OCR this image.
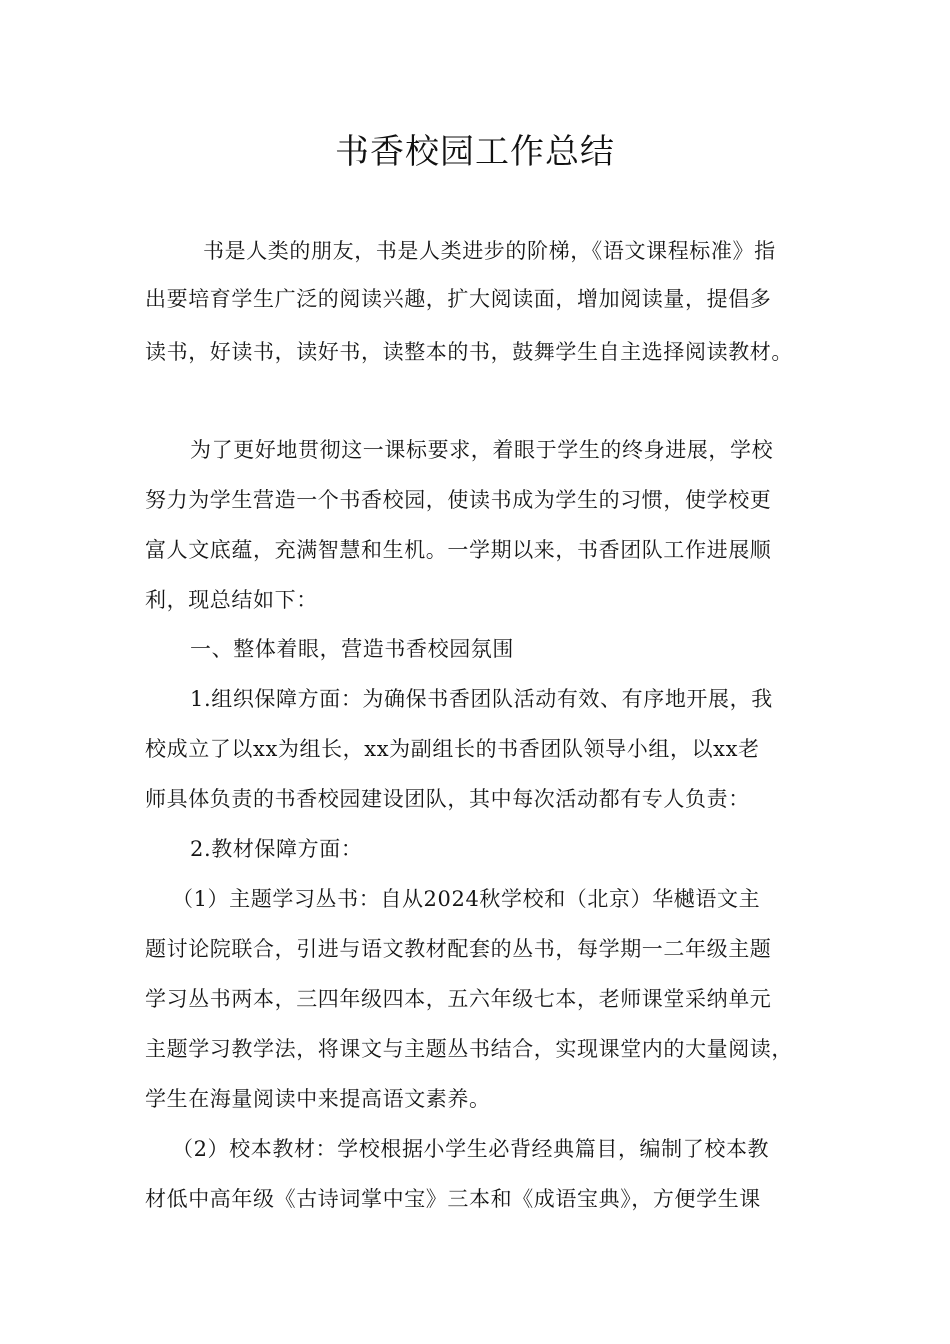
书香校园工作总结
书是人类的朋友，书是人类进步的阶梯，《语文课程标准》指
出要培育学生广泛的阅读兴趣，扩大阅读面，增加阅读量，提倡多
读书，好读书，读好书，读整本的书，鼓舞学生自主选择阅读教材。
为了更好地贯彻这一课标要求，着眼于学生的终身进展，学校
努力为学生营造一个书香校园，使读书成为学生的习惯，使学校更
富人文底蕴，充满智慧和生机。一学期以来，书香团队工作进展顺
利，现总结如下：
一、整体着眼，营造书香校园氛围
1.组织保障方面：为确保书香团队活动有效、有序地开展，我
校成立了以xx为组长，xx为副组长的书香团队领导小组，以xx老
师具体负责的书香校园建设团队，其中每次活动都有专人负责：
2.教材保障方面：
（1）主题学习丛书：自从2024秋学校和（北京）华樾语文主
题讨论院联合，引进与语文教材配套的丛书，每学期一二年级主题
学习丛书两本，三四年级四本，五六年级七本，老师课堂采纳单元
主题学习教学法，将课文与主题丛书结合，实现课堂内的大量阅读，
学生在海量阅读中来提高语文素养。
（2）校本教材：学校根据小学生必背经典篇目，编制了校本教
材低中高年级《古诗词掌中宝》三本和《成语宝典》，方便学生课
